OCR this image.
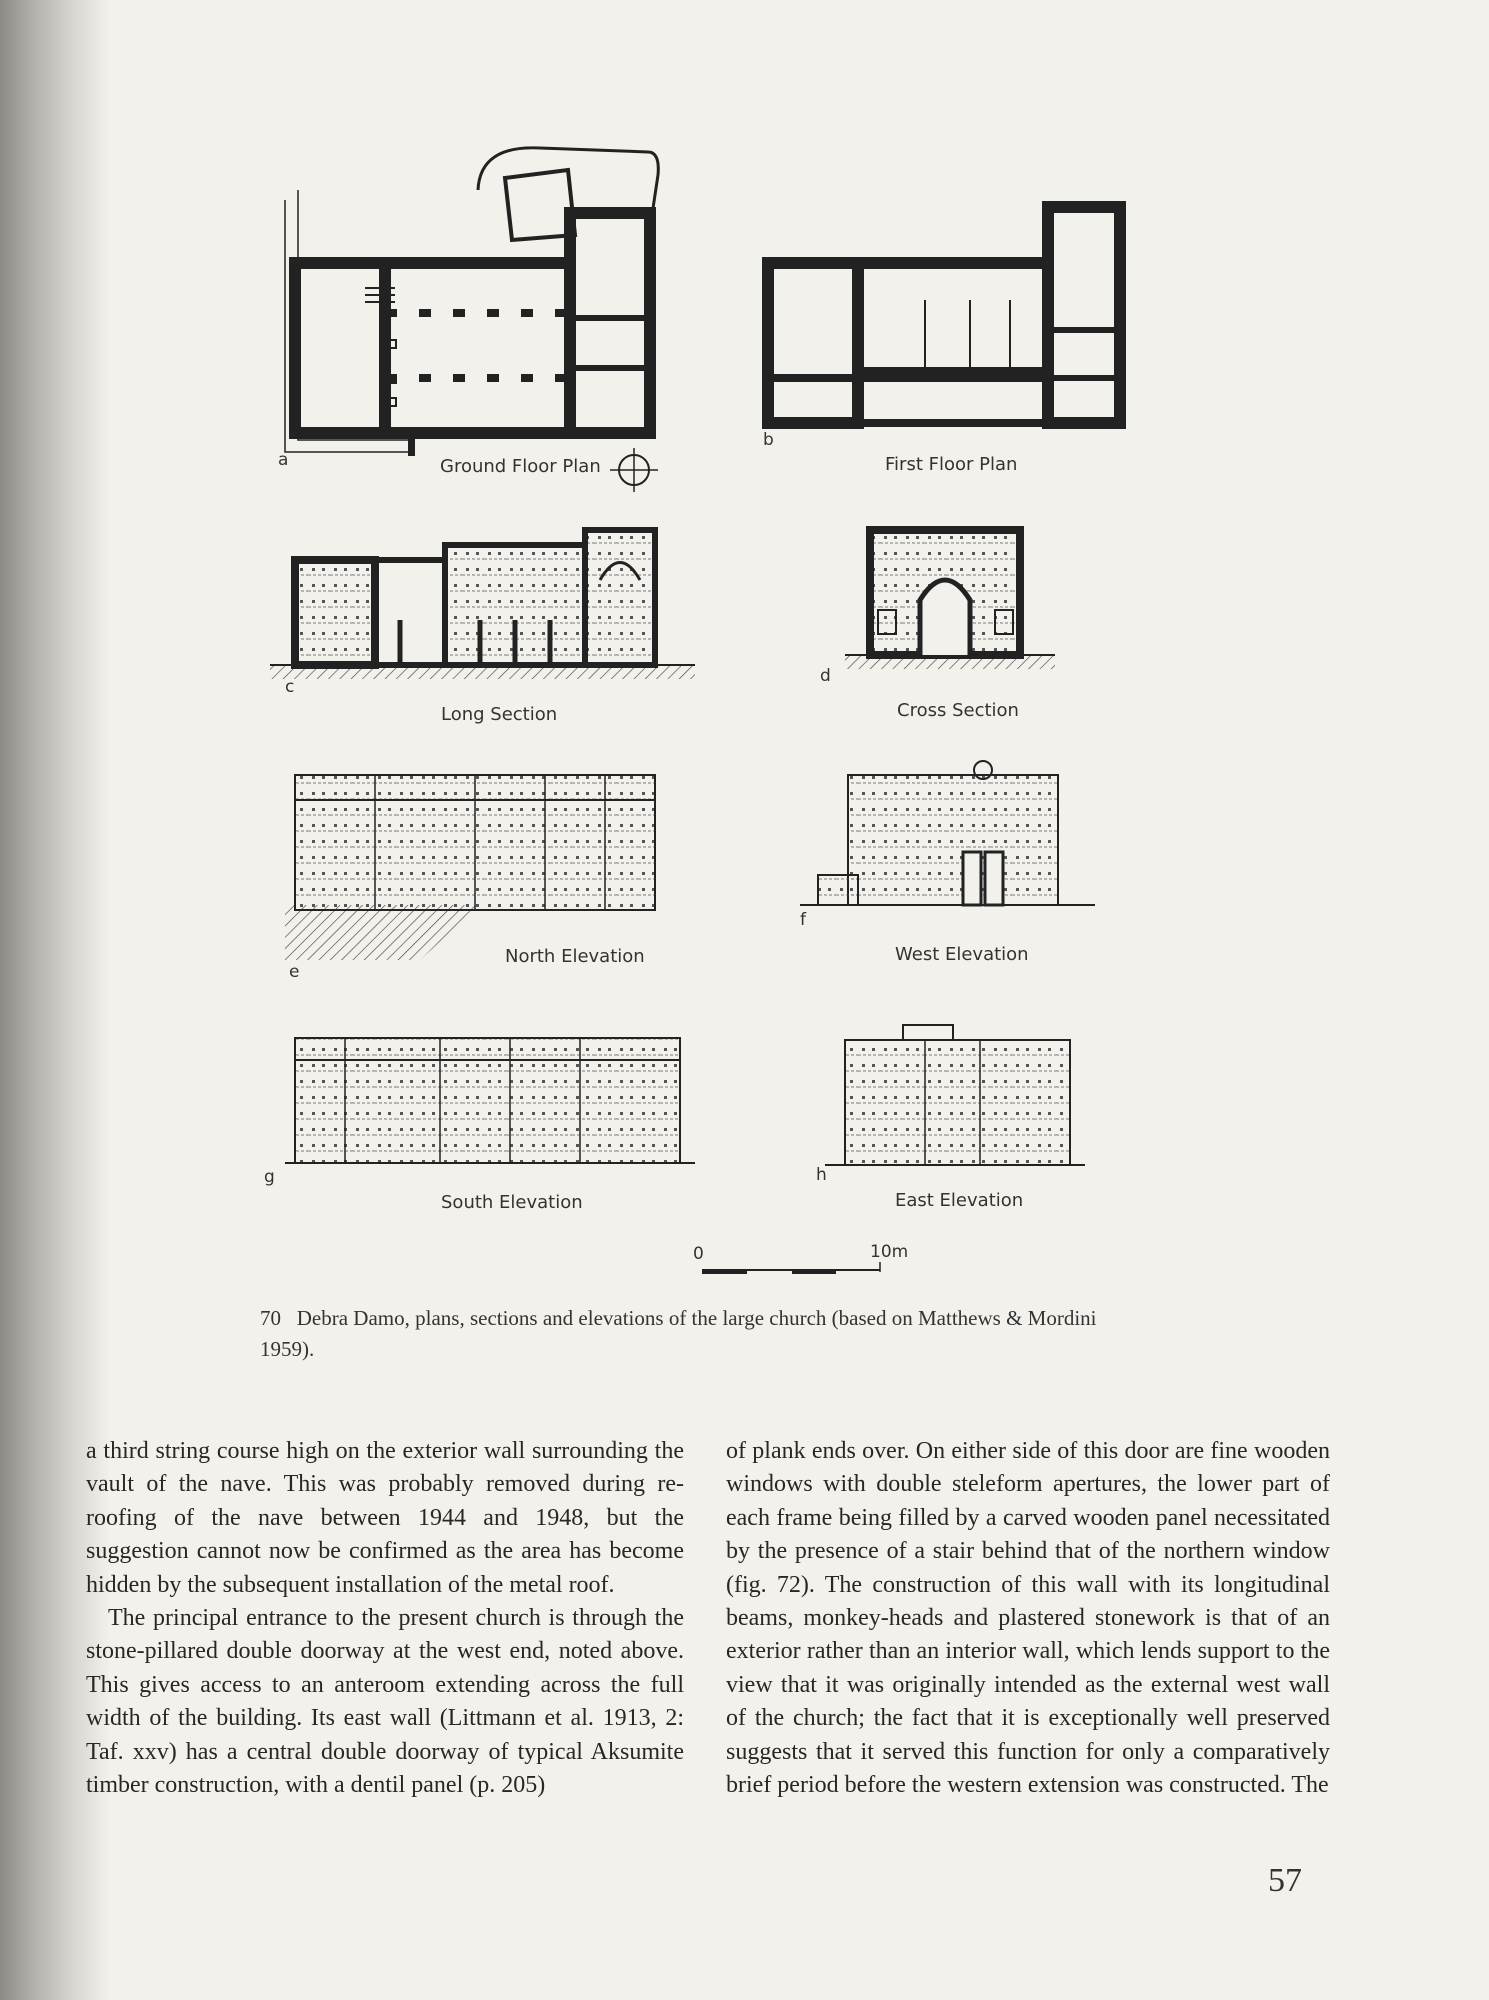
a	Ground Floor Plan
b
First Floor Plan
c
Long Section
d
Cross Section
e
North Elevation
f
West Elevation
g
South Elevation
h
East Elevation
0	10m
70 Debra Damo, plans, sections and elevations of the large church (based on Matthews & Mordini 1959).

a third string course high on the exterior wall surrounding the vault of the nave. This was probably removed during re-roofing of the nave between 1944 and 1948, but the suggestion cannot now be confirmed as the area has become hidden by the subsequent installation of the metal roof.

The principal entrance to the present church is through the stone-pillared double doorway at the west end, noted above. This gives access to an anteroom extending across the full width of the building. Its east wall (Littmann et al. 1913, 2: Taf. xxv) has a central double doorway of typical Aksumite timber construction, with a dentil panel (p. 205)

of plank ends over. On either side of this door are fine wooden windows with double steleform apertures, the lower part of each frame being filled by a carved wooden panel necessitated by the presence of a stair behind that of the northern window (fig. 72). The construction of this wall with its longitudinal beams, monkey-heads and plastered stonework is that of an exterior rather than an interior wall, which lends support to the view that it was originally intended as the external west wall of the church; the fact that it is exceptionally well preserved suggests that it served this function for only a comparatively brief period before the western extension was constructed. The

57
